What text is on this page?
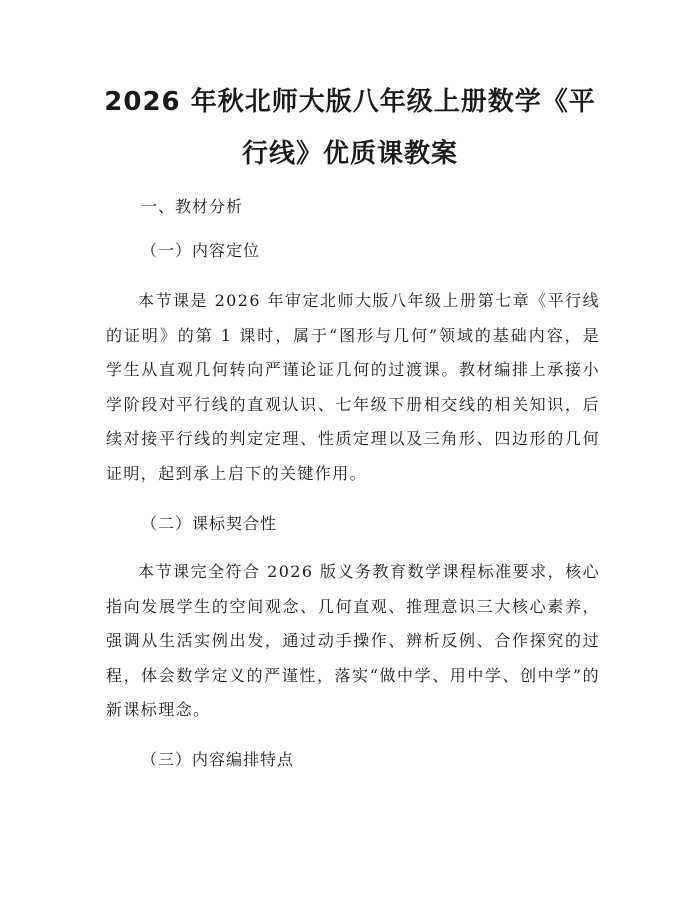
2026 年秋北师大版八年级上册数学《平行线》优质课教案
一、教材分析
（一）内容定位

本节课是 2026 年审定北师大版八年级上册第七章《平行线的证明》的第 1 课时，属于“图形与几何”领域的基础内容，是学生从直观几何转向严谨论证几何的过渡课。教材编排上承接小学阶段对平行线的直观认识、七年级下册相交线的相关知识，后续对接平行线的判定定理、性质定理以及三角形、四边形的几何证明，起到承上启下的关键作用。

（二）课标契合性

本节课完全符合 2026 版义务教育数学课程标准要求，核心指向发展学生的空间观念、几何直观、推理意识三大核心素养，强调从生活实例出发，通过动手操作、辨析反例、合作探究的过程，体会数学定义的严谨性，落实“做中学、用中学、创中学”的新课标理念。

（三）内容编排特点
